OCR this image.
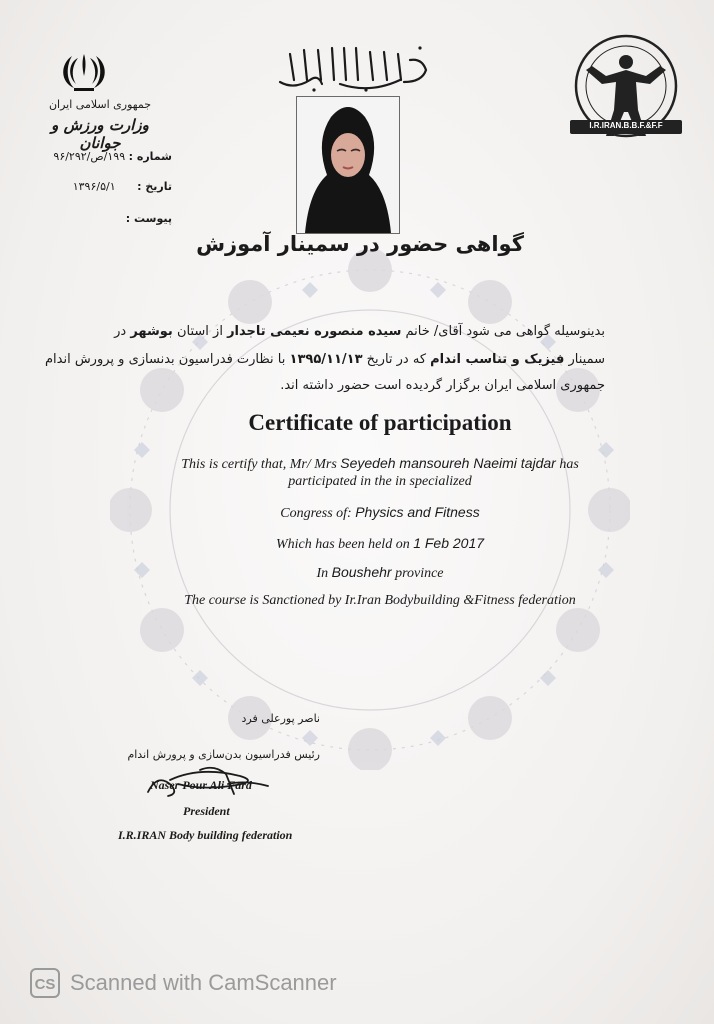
جمهوری اسلامی ایران
وزارت ورزش و جوانان
شماره : ۱۹۹/ص/۹۶/۲۹۲
تاریخ : ۱۳۹۶/۵/۱
پیوست :
گواهی حضور در سمینار آموزش
I.R.IRAN.B.B.F.&F.F
بدینوسیله گواهی می شود آقای/ خانم سیده منصوره نعیمی تاجدار از استان بوشهر در
سمینار فیزیک و تناسب اندام که در تاریخ ۱۳۹۵/۱۱/۱۳ با نظارت فدراسیون بدنسازی و پرورش اندام
جمهوری اسلامی ایران برگزار گردیده است حضور داشته اند.
Certificate of participation
This is certify that, Mr/ Mrs Seyedeh mansoureh Naeimi tajdar has
participated in the in specialized
Congress of: Physics and Fitness
Which has been held on 1 Feb 2017
In Boushehr province
The course is Sanctioned by Ir.Iran Bodybuilding &Fitness federation
ناصر پورعلی فرد
رئیس فدراسیون بدن‌سازی و پرورش اندام
Naser Pour Ali Fard
President
I.R.IRAN Body building federation
CS Scanned with CamScanner
